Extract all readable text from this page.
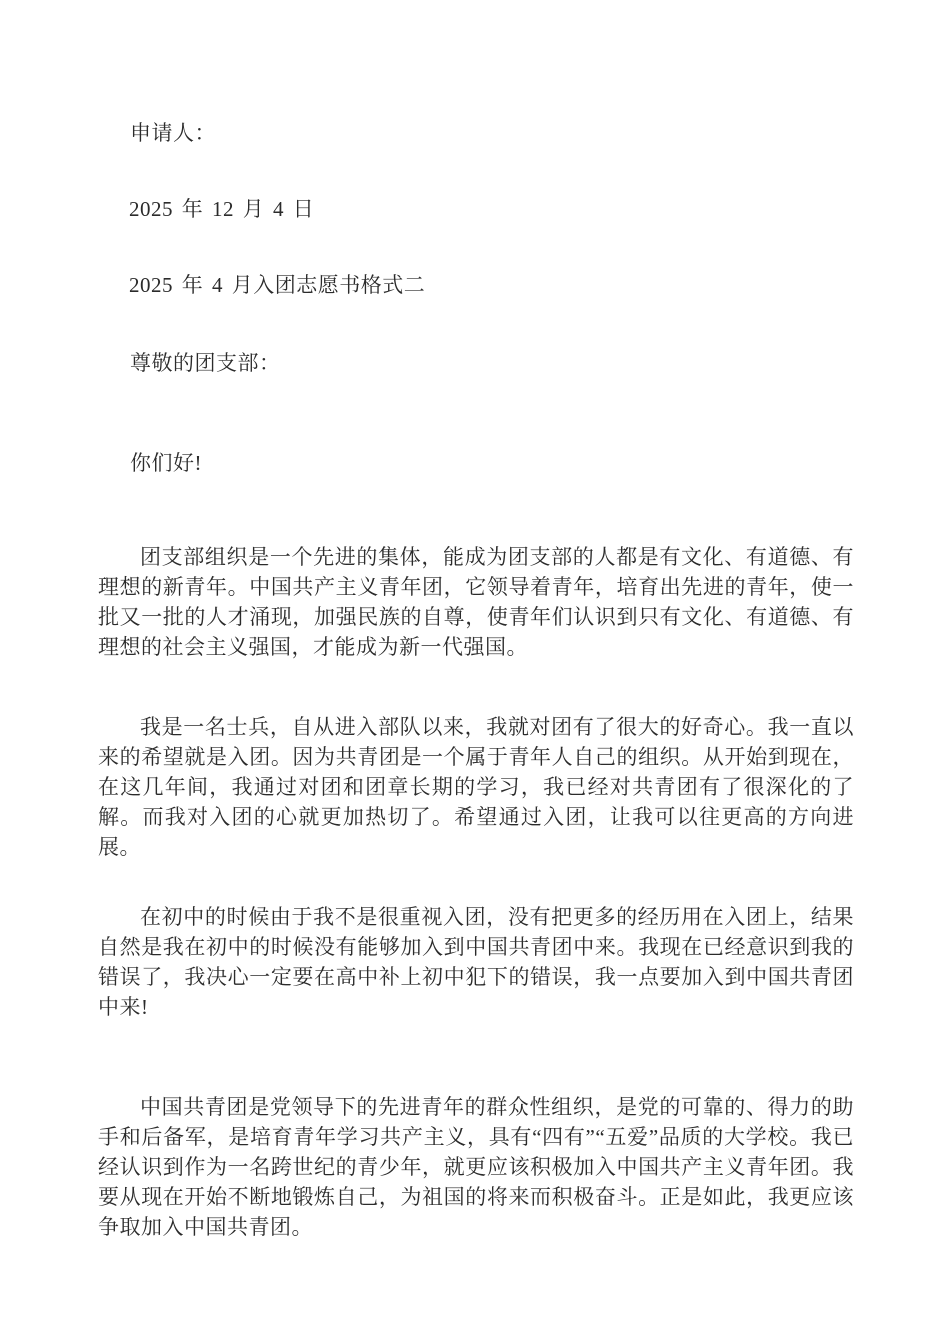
申请人：

2025 年 12 月 4 日

2025 年 4 月入团志愿书格式二

尊敬的团支部：

你们好!

团支部组织是一个先进的集体，能成为团支部的人都是有文化、有道德、有理想的新青年。中国共产主义青年团，它领导着青年，培育出先进的青年，使一批又一批的人才涌现，加强民族的自尊，使青年们认识到只有文化、有道德、有理想的社会主义强国，才能成为新一代强国。

我是一名士兵，自从进入部队以来，我就对团有了很大的好奇心。我一直以来的希望就是入团。因为共青团是一个属于青年人自己的组织。从开始到现在，在这几年间，我通过对团和团章长期的学习，我已经对共青团有了很深化的了解。而我对入团的心就更加热切了。希望通过入团，让我可以往更高的方向进展。

在初中的时候由于我不是很重视入团，没有把更多的经历用在入团上，结果自然是我在初中的时候没有能够加入到中国共青团中来。我现在已经意识到我的错误了，我决心一定要在高中补上初中犯下的错误，我一点要加入到中国共青团中来!

中国共青团是党领导下的先进青年的群众性组织，是党的可靠的、得力的助手和后备军，是培育青年学习共产主义，具有“四有”“五爱”品质的大学校。我已经认识到作为一名跨世纪的青少年，就更应该积极加入中国共产主义青年团。我要从现在开始不断地锻炼自己，为祖国的将来而积极奋斗。正是如此，我更应该争取加入中国共青团。
